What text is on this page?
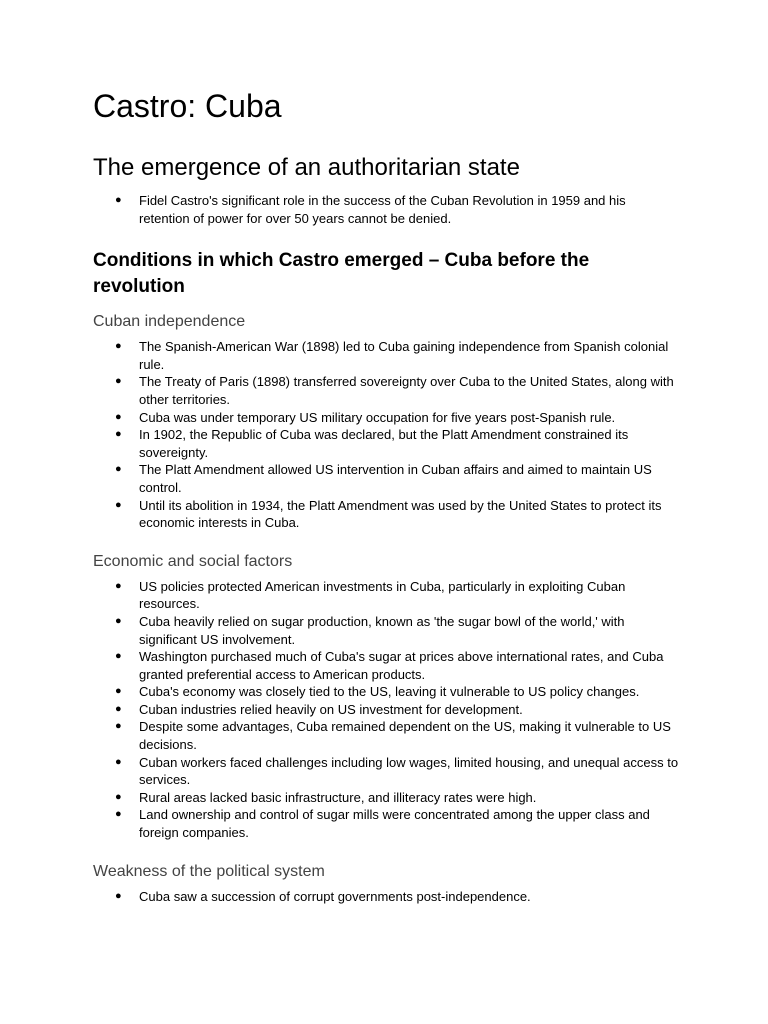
Castro: Cuba
The emergence of an authoritarian state
● Fidel Castro's significant role in the success of the Cuban Revolution in 1959 and his retention of power for over 50 years cannot be denied.
Conditions in which Castro emerged – Cuba before the revolution
Cuban independence
● The Spanish-American War (1898) led to Cuba gaining independence from Spanish colonial rule.
● The Treaty of Paris (1898) transferred sovereignty over Cuba to the United States, along with other territories.
● Cuba was under temporary US military occupation for five years post-Spanish rule.
● In 1902, the Republic of Cuba was declared, but the Platt Amendment constrained its sovereignty.
● The Platt Amendment allowed US intervention in Cuban affairs and aimed to maintain US control.
● Until its abolition in 1934, the Platt Amendment was used by the United States to protect its economic interests in Cuba.
Economic and social factors
● US policies protected American investments in Cuba, particularly in exploiting Cuban resources.
● Cuba heavily relied on sugar production, known as 'the sugar bowl of the world,' with significant US involvement.
● Washington purchased much of Cuba's sugar at prices above international rates, and Cuba granted preferential access to American products.
● Cuba's economy was closely tied to the US, leaving it vulnerable to US policy changes.
● Cuban industries relied heavily on US investment for development.
● Despite some advantages, Cuba remained dependent on the US, making it vulnerable to US decisions.
● Cuban workers faced challenges including low wages, limited housing, and unequal access to services.
● Rural areas lacked basic infrastructure, and illiteracy rates were high.
● Land ownership and control of sugar mills were concentrated among the upper class and foreign companies.
Weakness of the political system
● Cuba saw a succession of corrupt governments post-independence.
